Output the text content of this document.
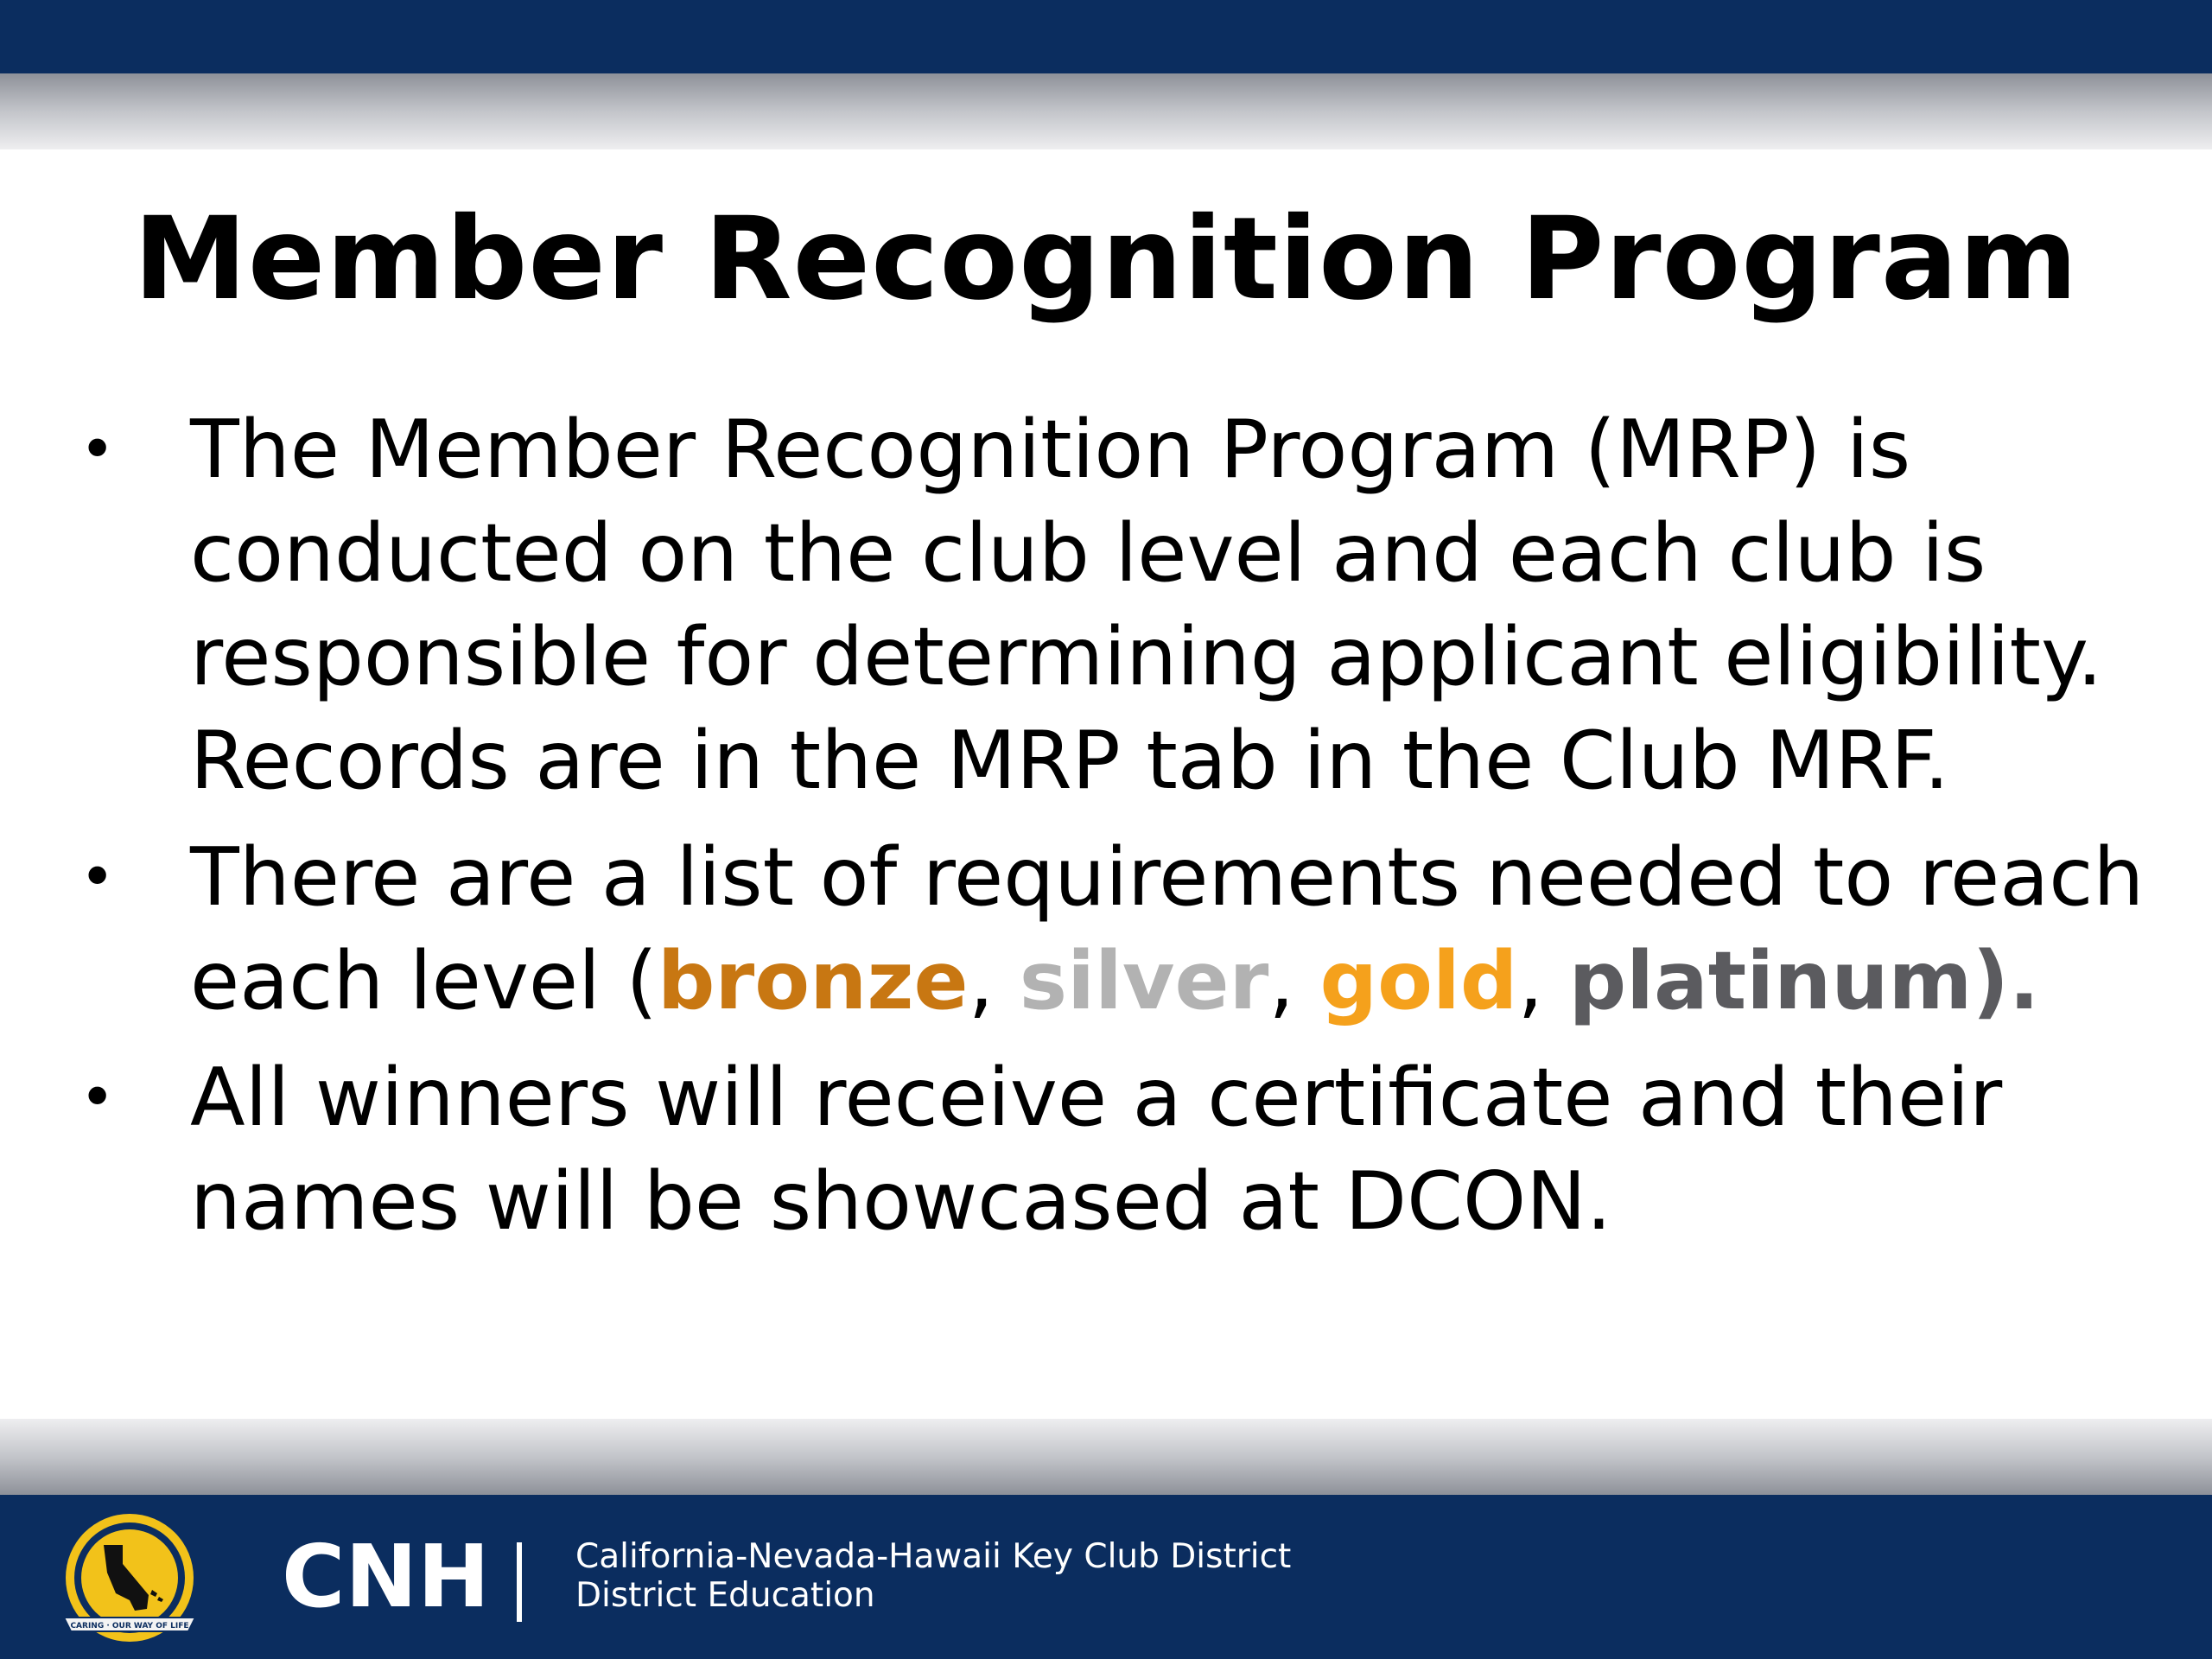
Member Recognition Program
• The Member Recognition Program (MRP) is conducted on the club level and each club is responsible for determining applicant eligibility. Records are in the MRP tab in the Club MRF.
• There are a list of requirements needed to reach each level (bronze, silver, gold, platinum).
• All winners will receive a certificate and their names will be showcased at DCON.
CARING · OUR WAY OF LIFE CNH	California-Nevada-Hawaii Key Club District
District Education
